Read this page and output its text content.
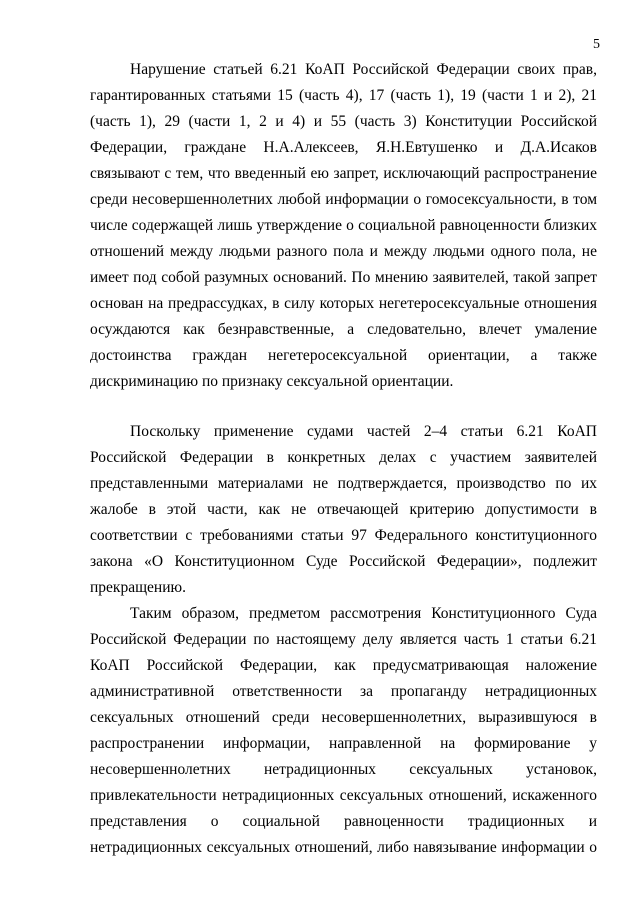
5
Нарушение статьей 6.21 КоАП Российской Федерации своих прав,
гарантированных статьями 15 (часть 4), 17 (часть 1), 19 (части 1 и 2), 21
(часть 1), 29 (части 1, 2 и 4) и 55 (часть 3) Конституции Российской
Федерации, граждане Н.А.Алексеев, Я.Н.Евтушенко и Д.А.Исаков
связывают с тем, что введенный ею запрет, исключающий распространение
среди несовершеннолетних любой информации о гомосексуальности, в том
числе содержащей лишь утверждение о социальной равноценности близких
отношений между людьми разного пола и между людьми одного пола, не
имеет под собой разумных оснований. По мнению заявителей, такой запрет
основан на предрассудках, в силу которых негетеросексуальные отношения
осуждаются как безнравственные, а следовательно, влечет умаление
достоинства граждан негетеросексуальной ориентации, а также
дискриминацию по признаку сексуальной ориентации.
Поскольку применение судами частей 2–4 статьи 6.21 КоАП
Российской Федерации в конкретных делах с участием заявителей
представленными материалами не подтверждается, производство по их
жалобе в этой части, как не отвечающей критерию допустимости в
соответствии с требованиями статьи 97 Федерального конституционного
закона «О Конституционном Суде Российской Федерации», подлежит
прекращению.
Таким образом, предметом рассмотрения Конституционного Суда
Российской Федерации по настоящему делу является часть 1 статьи 6.21
КоАП Российской Федерации, как предусматривающая наложение
административной ответственности за пропаганду нетрадиционных
сексуальных отношений среди несовершеннолетних, выразившуюся в
распространении информации, направленной на формирование у
несовершеннолетних нетрадиционных сексуальных установок,
привлекательности нетрадиционных сексуальных отношений, искаженного
представления о социальной равноценности традиционных и
нетрадиционных сексуальных отношений, либо навязывание информации о
